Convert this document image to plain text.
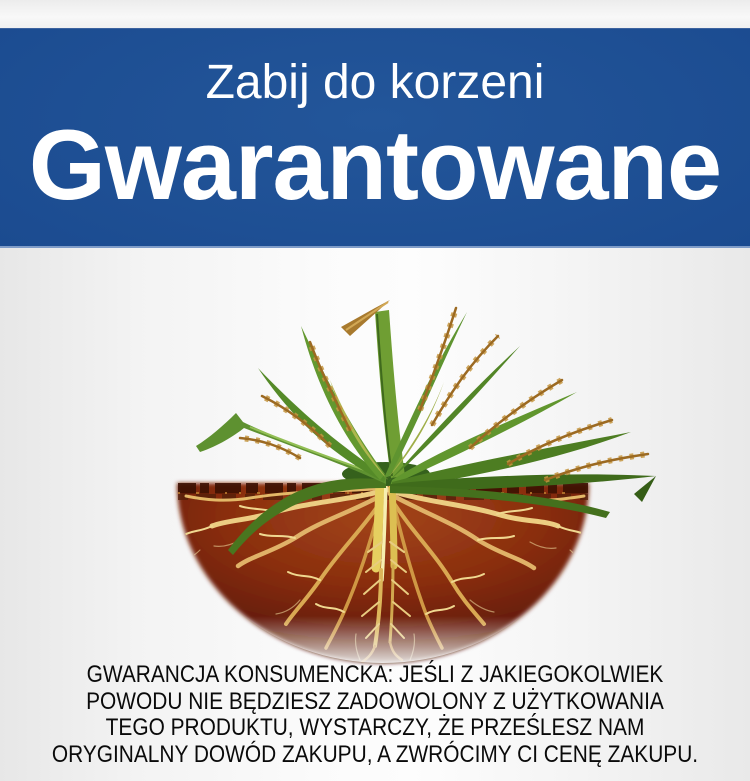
Zabij do korzeni
Gwarantowane

GWARANCJA KONSUMENCKA: JEŚLI Z JAKIEGOKOLWIEK

POWODU NIE BĘDZIESZ ZADOWOLONY Z UŻYTKOWANIA

TEGO PRODUKTU, WYSTARCZY, ŻE PRZEŚLESZ NAM

ORYGINALNY DOWÓD ZAKUPU, A ZWRÓCIMY CI CENĘ ZAKUPU.
